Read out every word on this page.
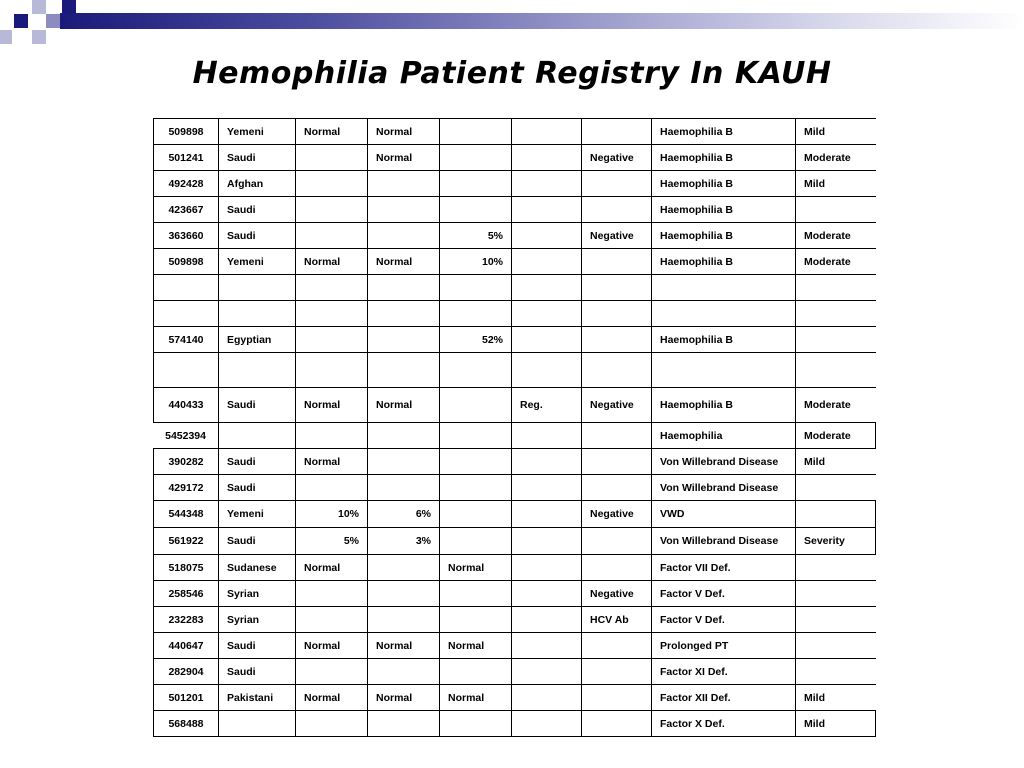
Hemophilia Patient Registry In KAUH
509898	Yemeni	Normal	Normal				Haemophilia B	Mild
501241	Saudi		Normal			Negative	Haemophilia B	Moderate
492428	Afghan						Haemophilia B	Mild
423667	Saudi						Haemophilia B	
363660	Saudi			5%		Negative	Haemophilia B	Moderate
509898	Yemeni	Normal	Normal	10%			Haemophilia B	Moderate

574140	Egyptian			52%			Haemophilia B	

440433	Saudi	Normal	Normal		Reg.	Negative	Haemophilia B	Moderate
5452394							Haemophilia	Moderate
390282	Saudi	Normal					Von Willebrand Disease	Mild
429172	Saudi						Von Willebrand Disease	
544348	Yemeni	10%	6%			Negative	VWD	
561922	Saudi	5%	3%				Von Willebrand Disease	Severity
518075	Sudanese	Normal		Normal			Factor VII Def.	
258546	Syrian					Negative	Factor V Def.	
232283	Syrian					HCV Ab	Factor V Def.	
440647	Saudi	Normal	Normal	Normal			Prolonged PT	
282904	Saudi						Factor XI Def.	
501201	Pakistani	Normal	Normal	Normal			Factor XII Def.	Mild
568488							Factor X Def.	Mild
